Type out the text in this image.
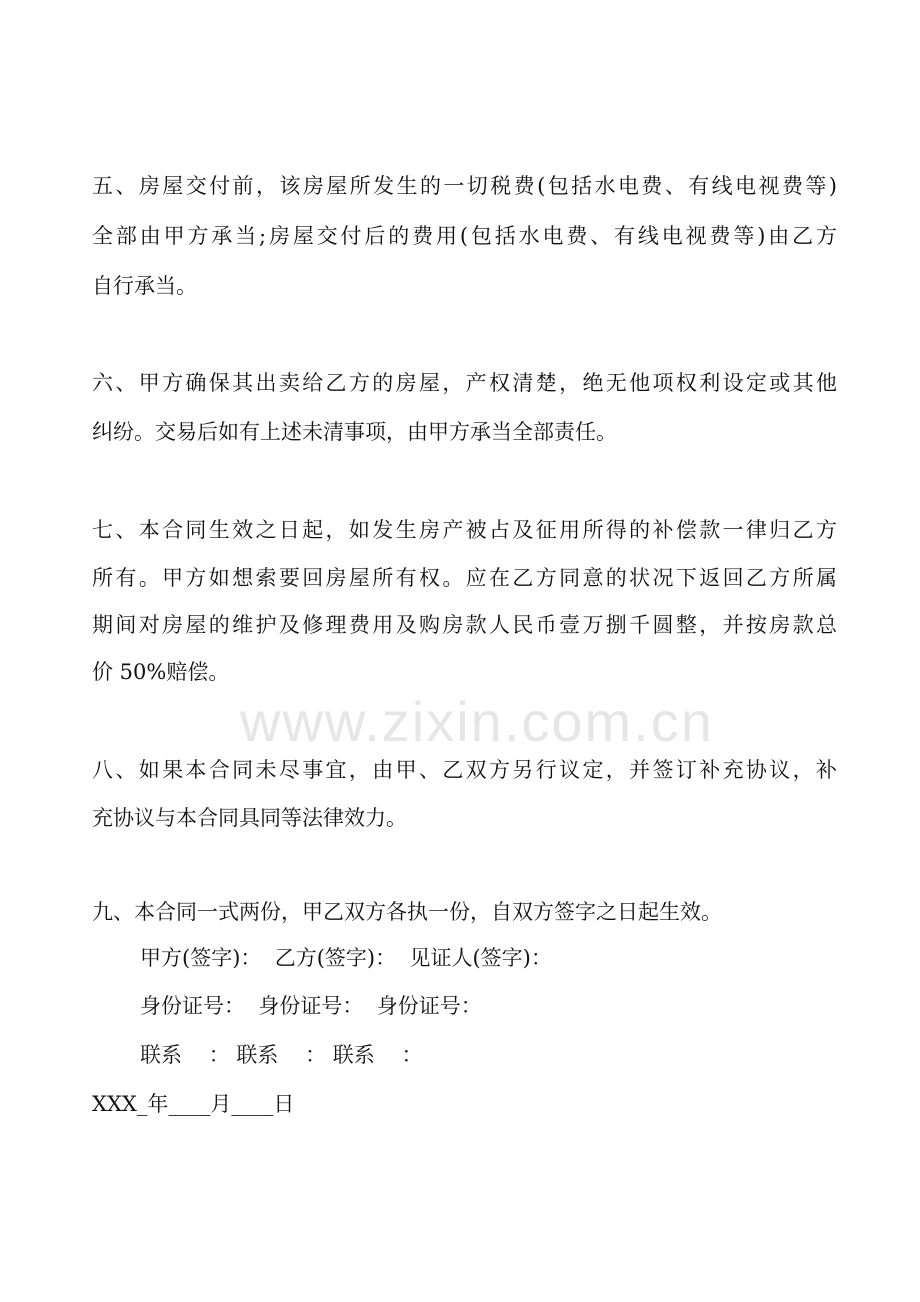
www.zixin.com.cn
五、房屋交付前，该房屋所发生的一切税费(包括水电费、有线电视费等)
全部由甲方承当;房屋交付后的费用(包括水电费、有线电视费等)由乙方
自行承当。
六、甲方确保其出卖给乙方的房屋，产权清楚，绝无他项权利设定或其他
纠纷。交易后如有上述未清事项，由甲方承当全部责任。
七、本合同生效之日起，如发生房产被占及征用所得的补偿款一律归乙方
所有。甲方如想索要回房屋所有权。应在乙方同意的状况下返回乙方所属
期间对房屋的维护及修理费用及购房款人民币壹万捌千圆整，并按房款总
价 50%赔偿。
八、如果本合同未尽事宜，由甲、乙双方另行议定，并签订补充协议，补
充协议与本合同具同等法律效力。
九、本合同一式两份，甲乙双方各执一份，自双方签字之日起生效。
甲方(签字)：  乙方(签字)：  见证人(签字)：
身份证号：  身份证号：  身份证号：
联系    ： 联系    ： 联系    ：
XXX_年____月____日
